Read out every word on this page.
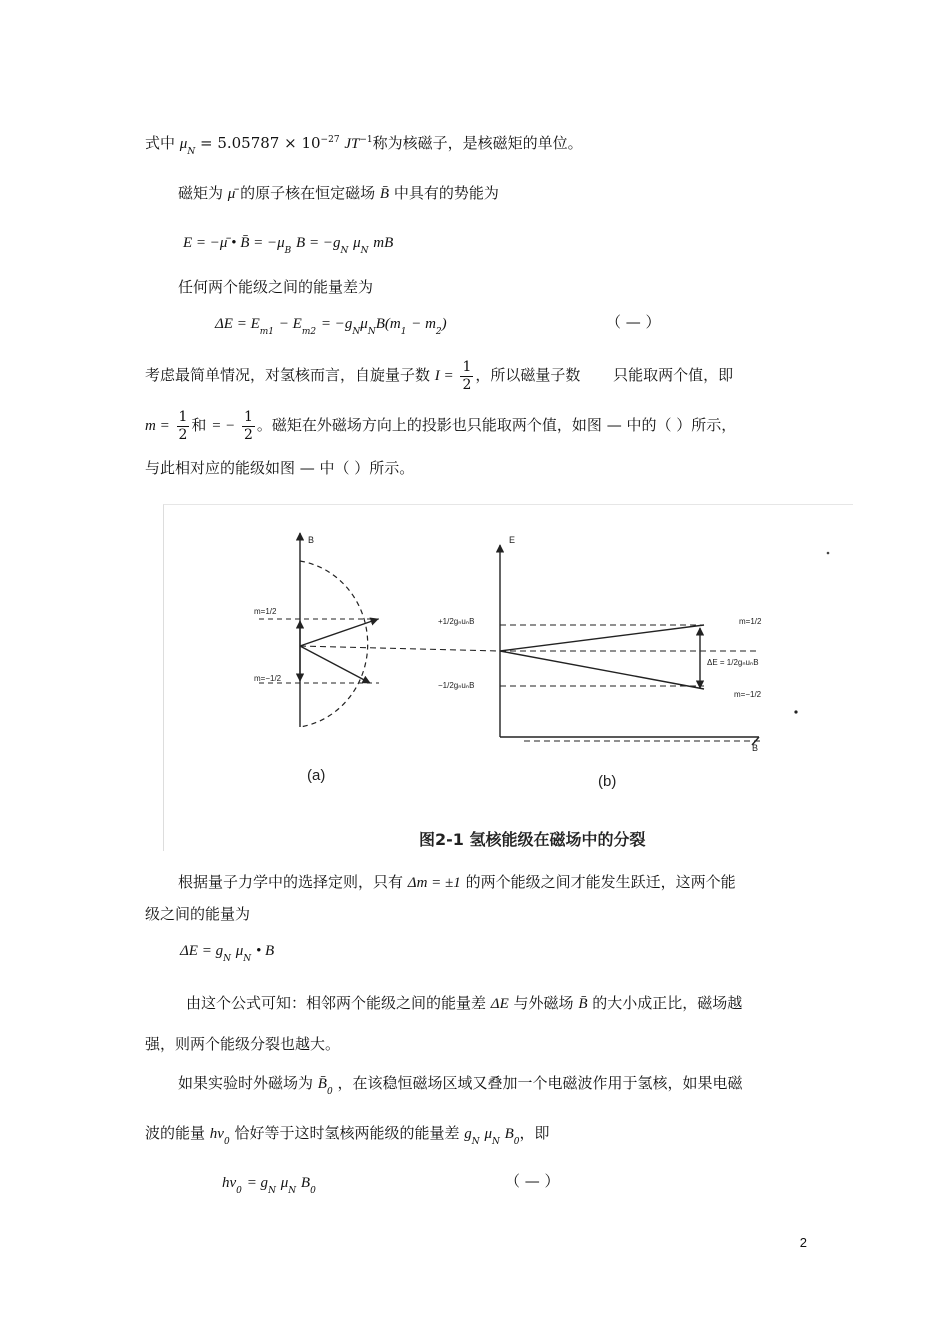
式中 $\mu_N = 5.05787 \times 10^{-27}$ $JT^{-1}$称为核磁子，是核磁矩的单位。
磁矩为 μ̄ 的原子核在恒定磁场 B̄ 中具有的势能为
E = −μ̄ • B̄ = $-\mu_B$ $B = -g_N$ $\mu_N$ mB
任何两个能级之间的能量差为
$\Delta E = E_{m1} - E_{m2} = -g_N\mu_NB(m_1 - m_2)$	（ — ）
考虑最简单情况，对氢核而言，自旋量子数 $I = \frac{1}{2}$ ，所以磁量子数 只能取两个值，即
$m = \frac{1}{2}$ 和 = − $\frac{1}{2}$ 。磁矩在外磁场方向上的投影也只能取两个值，如图 — 中的（ ）所示，
与此相对应的能级如图 — 中（ ）所示。
B
m=1/2
m=−1/2
(a)
E
+1/2gₙuₙB
−1/2gₙuₙB
m=1/2
m=−1/2
ΔE = 1/2gₙuₙB
B
(b)
图2-1 氢核能级在磁场中的分裂
根据量子力学中的选择定则，只有 Δm = ±1 的两个能级之间才能发生跃迁，这两个能
级之间的能量为
$\Delta E = g_N$ $\mu_N$ • B
由这个公式可知：相邻两个能级之间的能量差 ΔE 与外磁场 B̄ 的大小成正比，磁场越
强，则两个能级分裂也越大。
如果实验时外磁场为 $B̄_0$ ，在该稳恒磁场区域又叠加一个电磁波作用于氢核，如果电磁
波的能量 $h\nu_0$ 恰好等于这时氢核两能级的能量差 $g_N$ $\mu_N$ $B_0$，即
$h\nu_0 = g_N$ $\mu_N$ $B_0$
（ — ）
2
